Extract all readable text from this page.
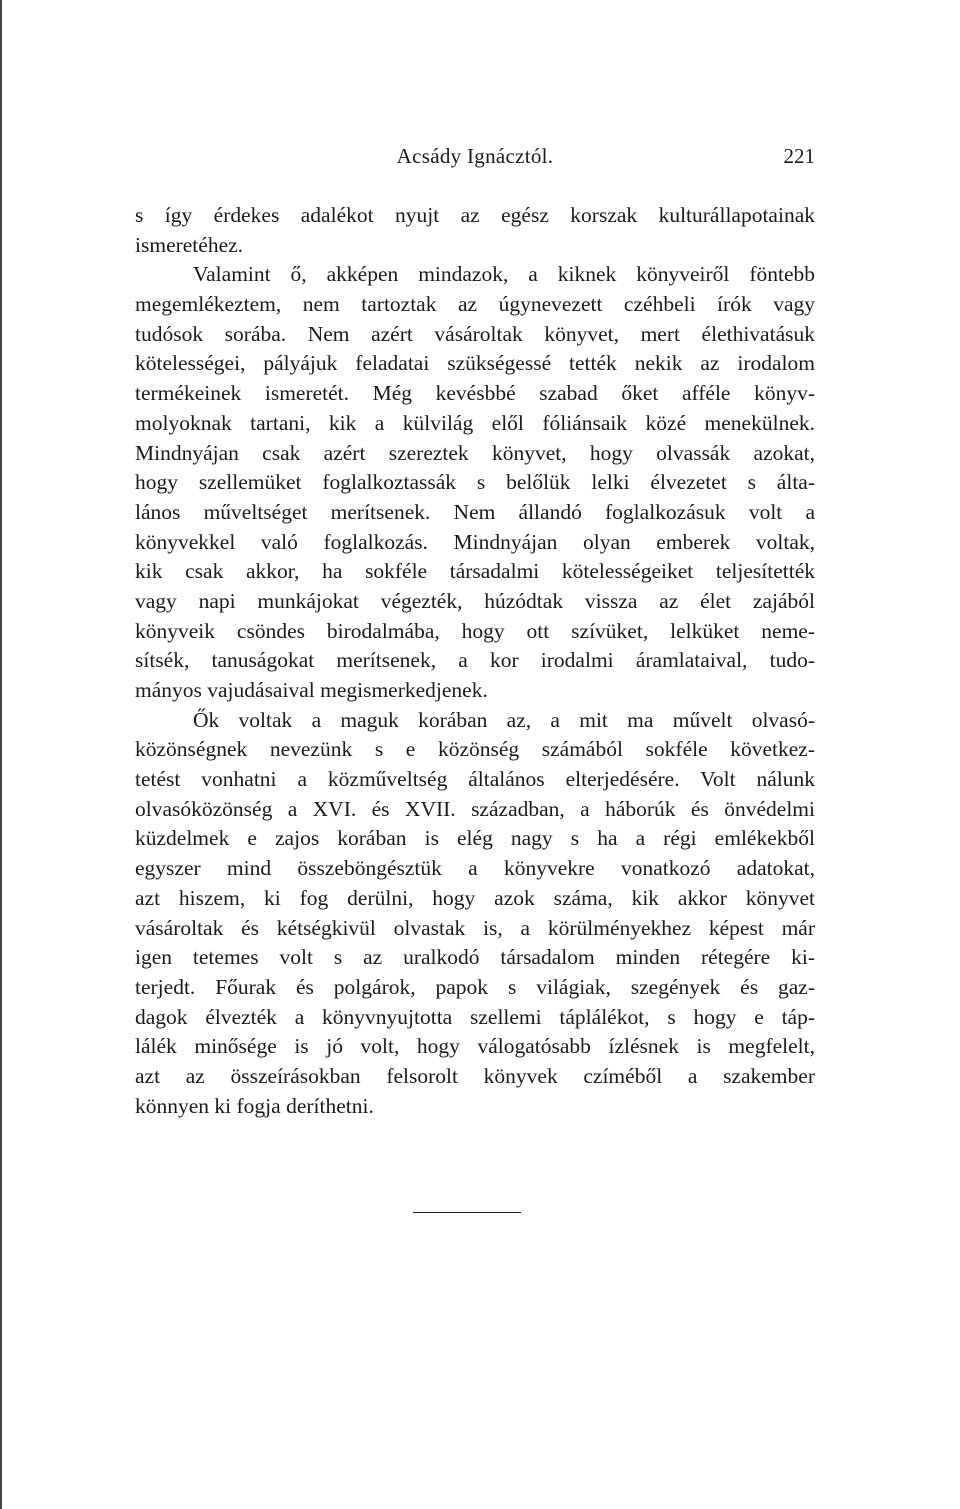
Acsády Ignácztól.	221
s így érdekes adalékot nyujt az egész korszak kulturállapotainak
ismeretéhez.
Valamint ő, akképen mindazok, a kiknek könyveiről föntebb
megemlékeztem, nem tartoztak az úgynevezett czéhbeli írók vagy
tudósok sorába. Nem azért vásároltak könyvet, mert élethivatásuk
kötelességei, pályájuk feladatai szükségessé tették nekik az irodalom
termékeinek ismeretét. Még kevésbbé szabad őket afféle könyv-
molyoknak tartani, kik a külvilág elől fóliánsaik közé menekülnek.
Mindnyájan csak azért szereztek könyvet, hogy olvassák azokat,
hogy szellemüket foglalkoztassák s belőlük lelki élvezetet s álta-
lános műveltséget merítsenek. Nem állandó foglalkozásuk volt a
könyvekkel való foglalkozás. Mindnyájan olyan emberek voltak,
kik csak akkor, ha sokféle társadalmi kötelességeiket teljesítették
vagy napi munkájokat végezték, húzódtak vissza az élet zajából
könyveik csöndes birodalmába, hogy ott szívüket, lelküket neme-
sítsék, tanuságokat merítsenek, a kor irodalmi áramlataival, tudo-
mányos vajudásaival megismerkedjenek.
Ők voltak a maguk korában az, a mit ma művelt olvasó-
közönségnek nevezünk s e közönség számából sokféle következ-
tetést vonhatni a közműveltség általános elterjedésére. Volt nálunk
olvasóközönség a XVI. és XVII. században, a háborúk és önvédelmi
küzdelmek e zajos korában is elég nagy s ha a régi emlékekből
egyszer mind összeböngésztük a könyvekre vonatkozó adatokat,
azt hiszem, ki fog derülni, hogy azok száma, kik akkor könyvet
vásároltak és kétségkivül olvastak is, a körülményekhez képest már
igen tetemes volt s az uralkodó társadalom minden rétegére ki-
terjedt. Főurak és polgárok, papok s világiak, szegények és gaz-
dagok élvezték a könyvnyujtotta szellemi táplálékot, s hogy e táp-
lálék minősége is jó volt, hogy válogatósabb ízlésnek is megfelelt,
azt az összeírásokban felsorolt könyvek czíméből a szakember
könnyen ki fogja deríthetni.
